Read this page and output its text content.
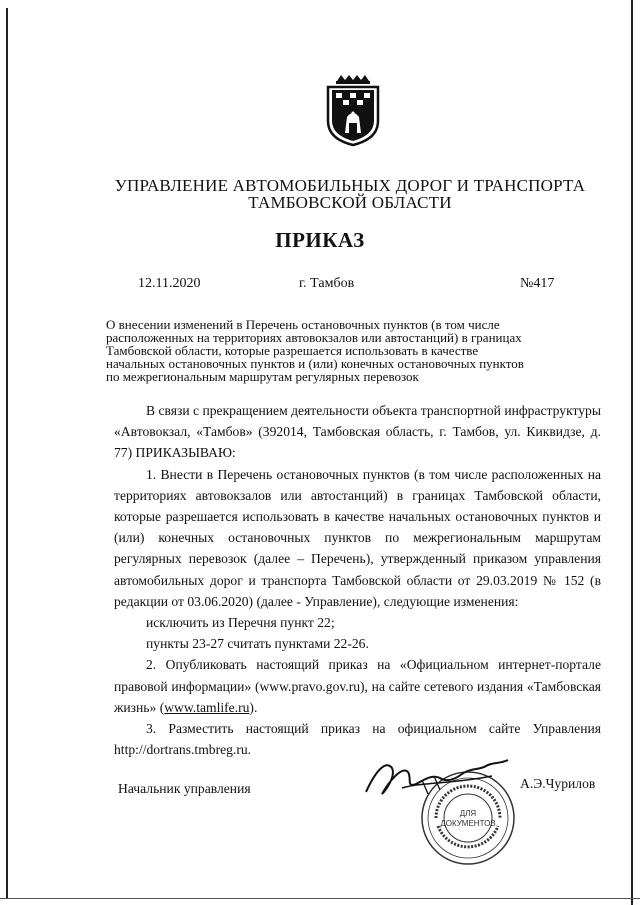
УПРАВЛЕНИЕ АВТОМОБИЛЬНЫХ ДОРОГ И ТРАНСПОРТА
ТАМБОВСКОЙ ОБЛАСТИ
ПРИКАЗ
12.11.2020	г. Тамбов	№417
О внесении изменений в Перечень остановочных пунктов (в том числе
расположенных на территориях автовокзалов или автостанций) в границах
Тамбовской области, которые разрешается использовать в качестве
начальных остановочных пунктов и (или) конечных остановочных пунктов
по межрегиональным маршрутам регулярных перевозок

В связи с прекращением деятельности объекта транспортной инфраструктуры «Автовокзал, «Тамбов» (392014, Тамбовская область, г. Тамбов, ул. Киквидзе, д. 77) ПРИКАЗЫВАЮ:

1. Внести в Перечень остановочных пунктов (в том числе расположенных на территориях автовокзалов или автостанций) в границах Тамбовской области, которые разрешается использовать в качестве начальных остановочных пунктов и (или) конечных остановочных пунктов по межрегиональным маршрутам регулярных перевозок (далее – Перечень), утвержденный приказом управления автомобильных дорог и транспорта Тамбовской области от 29.03.2019 № 152 (в редакции от 03.06.2020) (далее - Управление), следующие изменения:

исключить из Перечня пункт 22;

пункты 23-27 считать пунктами 22-26.

2. Опубликовать настоящий приказ на «Официальном интернет-портале правовой информации» (www.pravo.gov.ru), на сайте сетевого издания «Тамбовская жизнь» (www.tamlife.ru).

3. Разместить настоящий приказ на официальном сайте Управления http://dortrans.tmbreg.ru.

Начальник управления
ДЛЯ
ДОКУМЕНТОВ
А.Э.Чурилов
